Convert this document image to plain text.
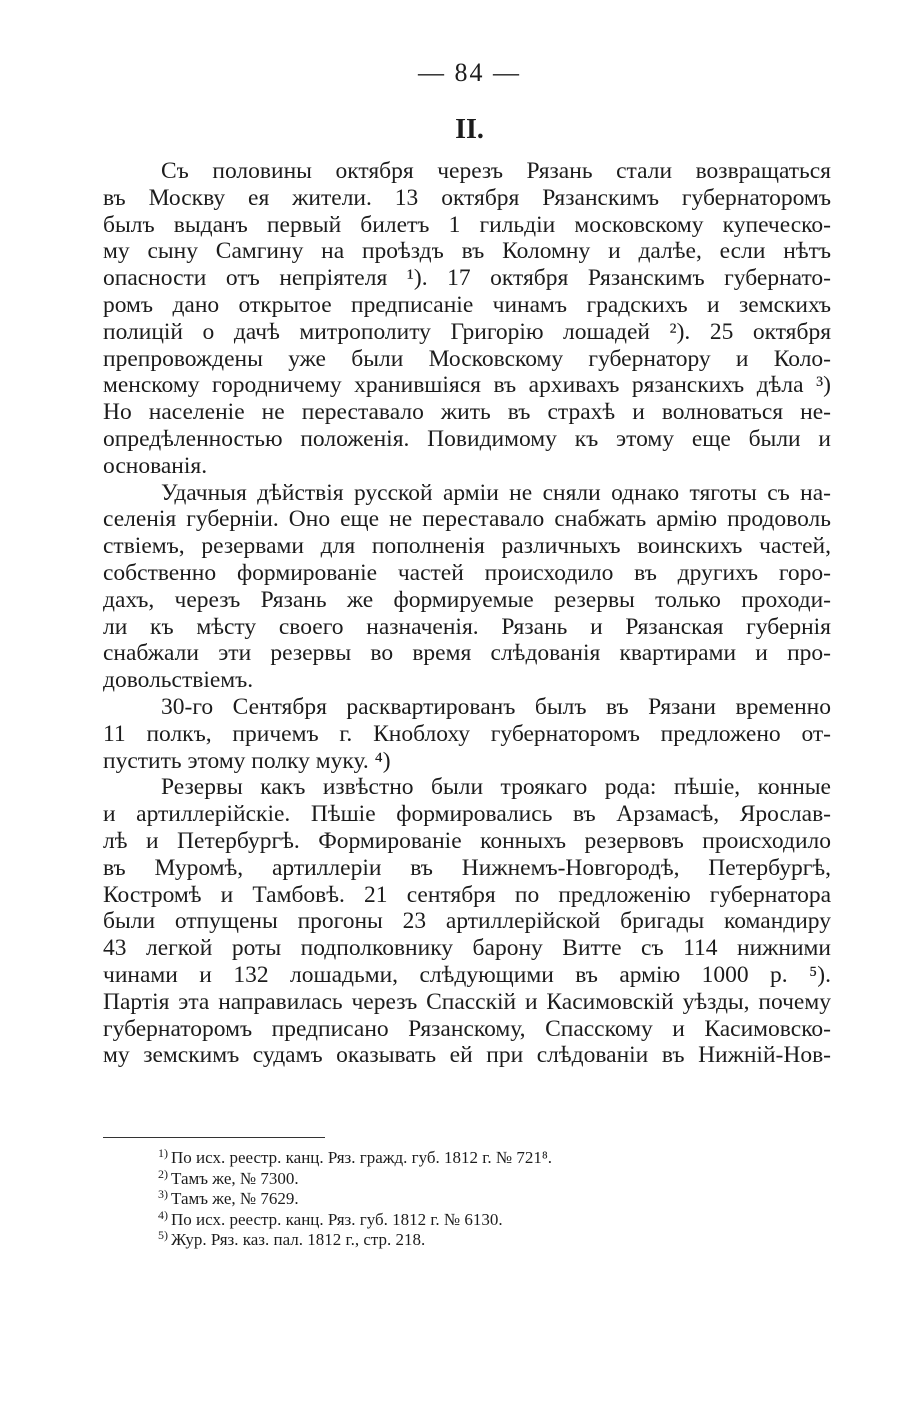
— 84 —
II.
Съ половины октября черезъ Рязань стали возвращаться
въ Москву ея жители. 13 октября Рязанскимъ губернаторомъ
былъ выданъ первый билетъ 1 гильдіи московскому купеческо-
му сыну Самгину на проѣздъ въ Коломну и далѣе, если нѣтъ
опасности отъ непріятеля ¹). 17 октября Рязанскимъ губернато-
ромъ дано открытое предписаніе чинамъ градскихъ и земскихъ
полицій о дачѣ митрополиту Григорію лошадей ²). 25 октября
препровождены уже были Московскому губернатору и Коло-
менскому городничему хранившіяся въ архивахъ рязанскихъ дѣла ³)
Но населеніе не переставало жить въ страхѣ и волноваться не-
опредѣленностью положенія. Повидимому къ этому еще были и
основанія.
Удачныя дѣйствія русской арміи не сняли однако тяготы съ на-
селенія губерніи. Оно еще не переставало снабжать армію продоволь
ствіемъ, резервами для пополненія различныхъ воинскихъ частей,
собственно формированіе частей происходило въ другихъ горо-
дахъ, черезъ Рязань же формируемые резервы только проходи-
ли къ мѣсту своего назначенія. Рязань и Рязанская губернія
снабжали эти резервы во время слѣдованія квартирами и про-
довольствіемъ.
30-го Сентября расквартированъ былъ въ Рязани временно
11 полкъ, причемъ г. Кноблоху губернаторомъ предложено от-
пустить этому полку муку. ⁴)
Резервы какъ извѣстно были троякаго рода: пѣшіе, конные
и артиллерійскіе. Пѣшіе формировались въ Арзамасѣ, Ярослав-
лѣ и Петербургѣ. Формированіе конныхъ резервовъ происходило
въ Муромѣ, артиллеріи въ Нижнемъ-Новгородѣ, Петербургѣ,
Костромѣ и Тамбовѣ. 21 сентября по предложенію губернатора
были отпущены прогоны 23 артиллерійской бригады командиру
43 легкой роты подполковнику барону Витте съ 114 нижними
чинами и 132 лошадьми, слѣдующими въ армію 1000 р. ⁵).
Партія эта направилась черезъ Спасскій и Касимовскій уѣзды, почему
губернаторомъ предписано Рязанскому, Спасскому и Касимовско-
му земскимъ судамъ оказывать ей при слѣдованіи въ Нижній-Нов-
$^{1)}$ По исх. реестр. канц. Ряз. гражд. губ. 1812 г. № 721⁸.
$^{2)}$ Тамъ же, № 7300.
$^{3)}$ Тамъ же, № 7629.
$^{4)}$ По исх. реестр. канц. Ряз. губ. 1812 г. № 6130.
$^{5)}$ Жур. Ряз. каз. пал. 1812 г., стр. 218.
